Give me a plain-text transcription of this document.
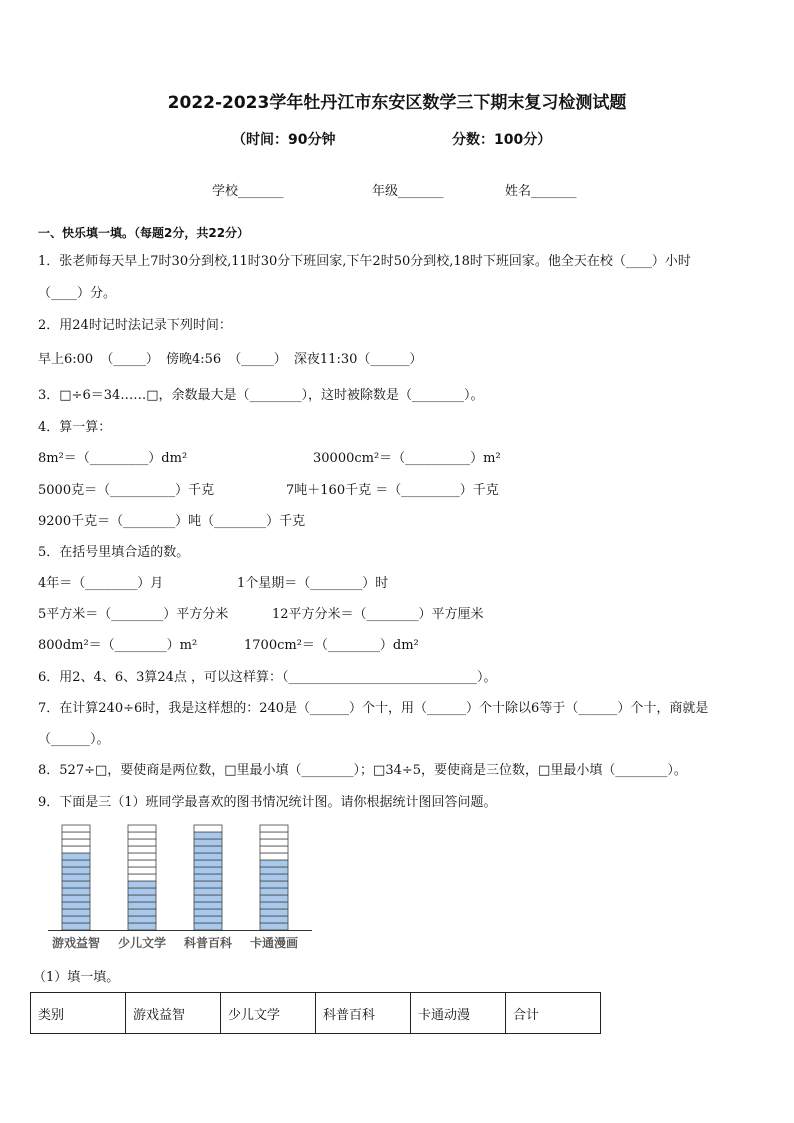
2022-2023学年牡丹江市东安区数学三下期末复习检测试题
（时间：90分钟	分数：100分）
学校_______	年级_______	姓名_______
一、快乐填一填。（每题2分，共22分）
1．张老师每天早上7时30分到校,11时30分下班回家,下午2时50分到校,18时下班回家。他全天在校（____）小时
（____）分。
2．用24时记时法记录下列时间：
早上6:00 （_____） 傍晚4:56 （_____） 深夜11:30（______）
3．□÷6＝34……□，余数最大是（________），这时被除数是（________）。
4．算一算：
8m²＝（_________）dm²	30000cm²＝（__________）m²
5000克＝（__________）千克	7吨＋160千克 ＝（_________）千克
9200千克＝（________）吨（________）千克
5．在括号里填合适的数。
4年＝（________）月	1个星期＝（________）时
5平方米＝（________）平方分米	12平方分米＝（________）平方厘米
800dm²＝（________）m²	1700cm²＝（________）dm²
6．用2、4、6、3算24点 ，可以这样算：（_____________________________）。
7．在计算240÷6时，我是这样想的：240是（______）个十，用（______）个十除以6等于（______）个十，商就是
（______）。
8．527÷□，要使商是两位数，□里最小填（________）；□34÷5，要使商是三位数，□里最小填（________）。
9．下面是三（1）班同学最喜欢的图书情况统计图。请你根据统计图回答问题。
游戏益智 少儿文学 科普百科 卡通漫画
（1）填一填。
类别	游戏益智	少儿文学	科普百科	卡通动漫	合计
